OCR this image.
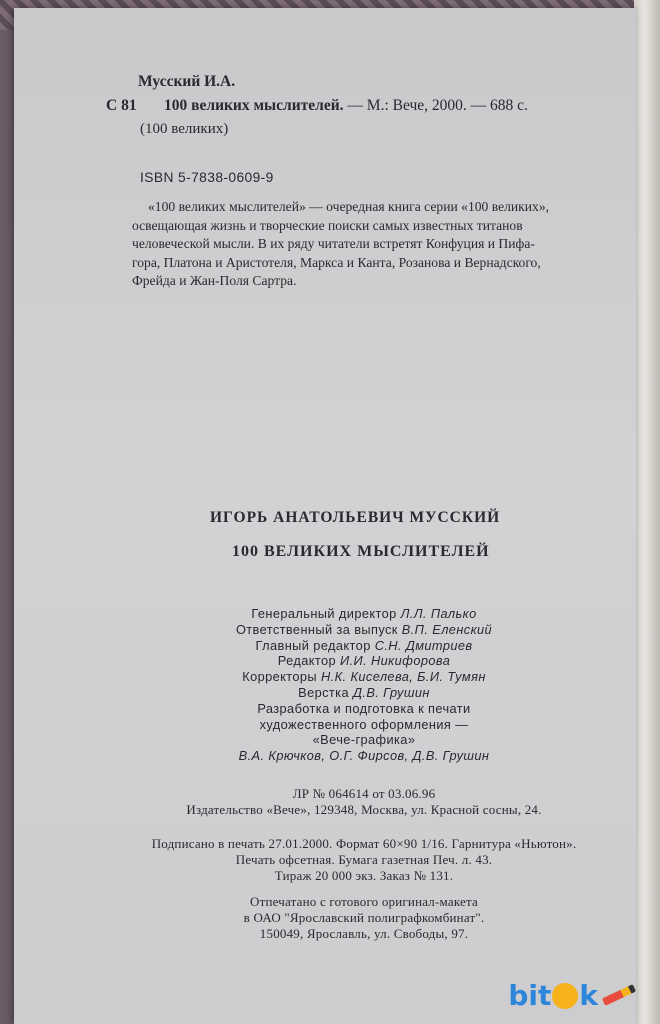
Мусский И.А.
С 81 100 великих мыслителей. — М.: Вече, 2000. — 688 с.
(100 великих)
ISBN 5-7838-0609-9

«100 великих мыслителей» — очередная книга серии «100 великих»,

освещающая жизнь и творческие поиски самых известных титанов

человеческой мысли. В их ряду читатели встретят Конфуция и Пифа-

гора, Платона и Аристотеля, Маркса и Канта, Розанова и Вернадского,

Фрейда и Жан-Поля Сартра.

ИГОРЬ АНАТОЛЬЕВИЧ МУССКИЙ
100 ВЕЛИКИХ МЫСЛИТЕЛЕЙ
Генеральный директор Л.Л. Палько
Ответственный за выпуск В.П. Еленский
Главный редактор С.Н. Дмитриев
Редактор И.И. Никифорова
Корректоры Н.К. Киселева, Б.И. Тумян
Верстка Д.В. Грушин
Разработка и подготовка к печати
художественного оформления —
«Вече-графика»
В.А. Крючков, О.Г. Фирсов, Д.В. Грушин
ЛР № 064614 от 03.06.96
Издательство «Вече», 129348, Москва, ул. Красной сосны, 24.
Подписано в печать 27.01.2000. Формат 60×90 1/16. Гарнитура «Ньютон».
Печать офсетная. Бумага газетная Печ. л. 43.
Тираж 20 000 экз. Заказ № 131.
Отпечатано с готового оригинал-макета
в ОАО "Ярославский полиграфкомбинат".
150049, Ярославль, ул. Свободы, 97.
bit k
